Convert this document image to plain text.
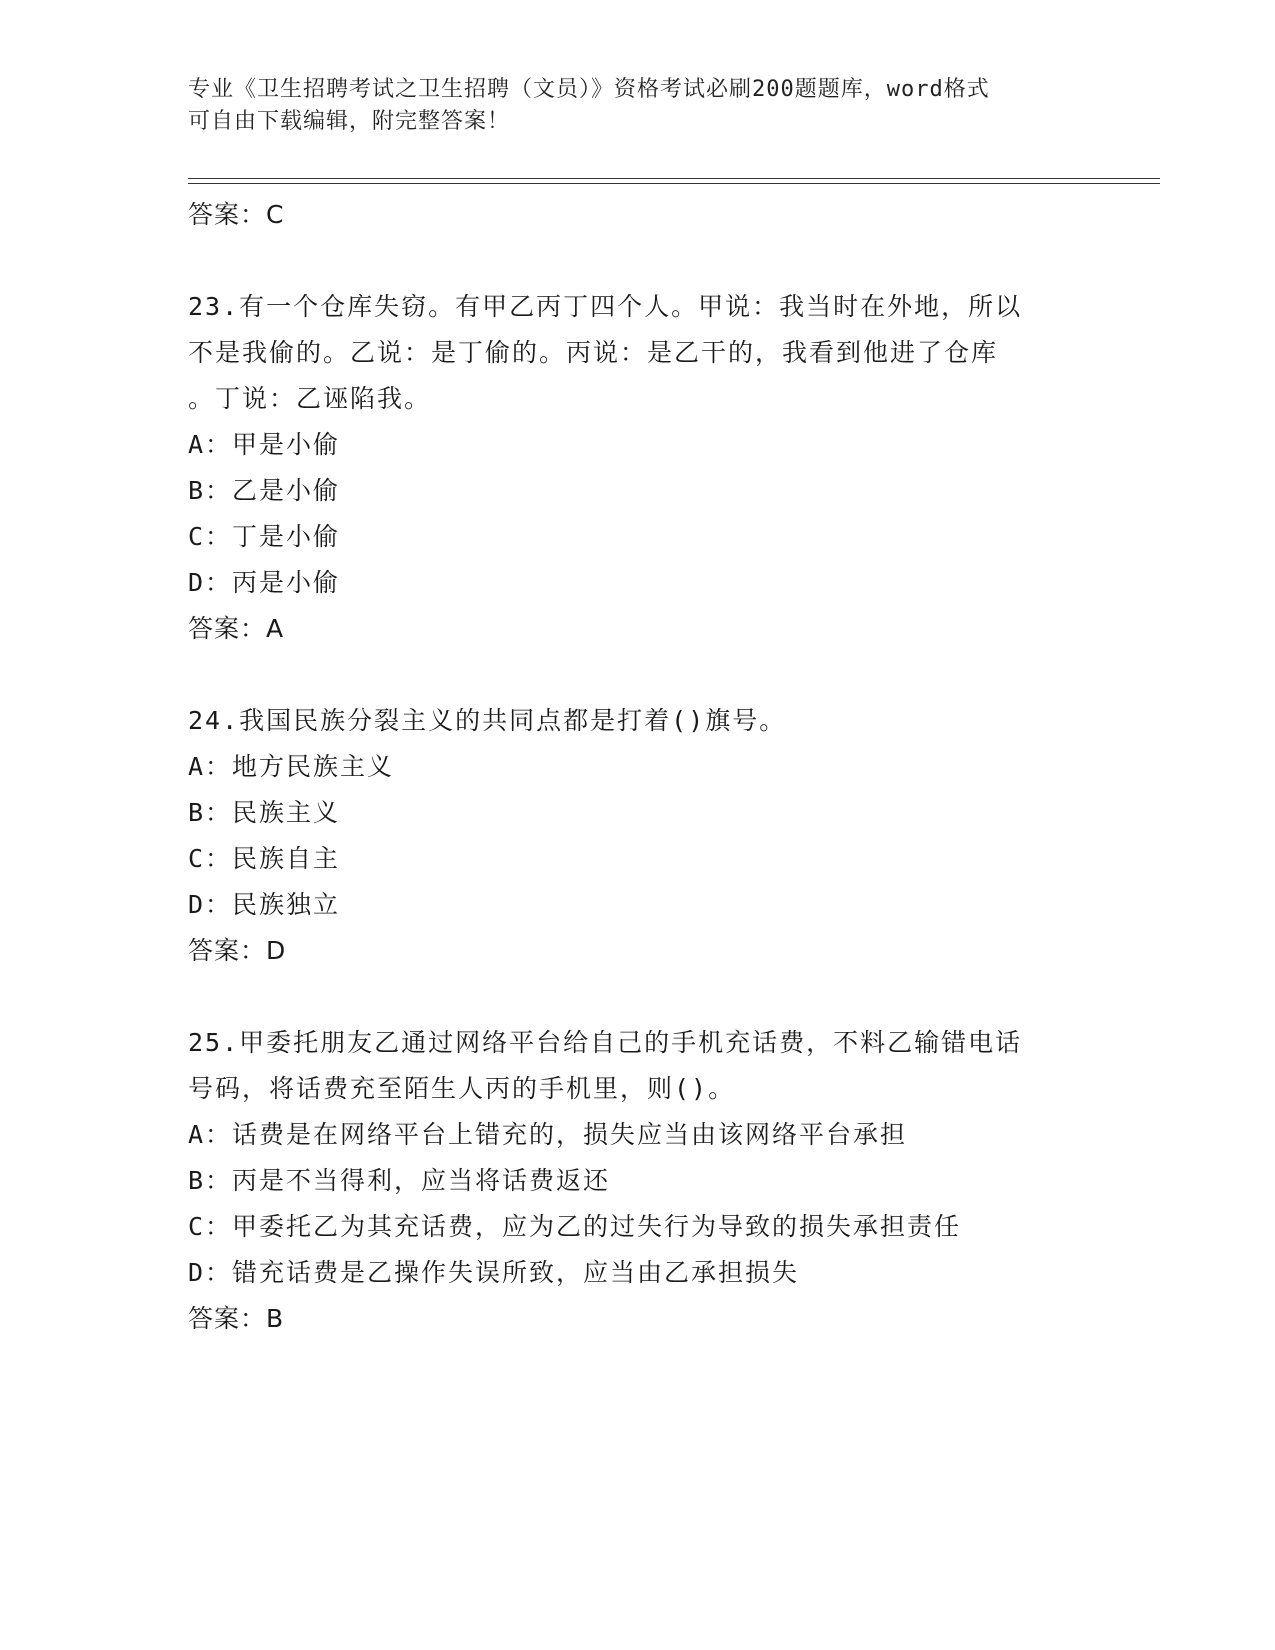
专业《卫生招聘考试之卫生招聘（文员）》资格考试必刷200题题库，word格式
可自由下载编辑，附完整答案！
答案：C
23.有一个仓库失窃。有甲乙丙丁四个人。甲说：我当时在外地，所以
不是我偷的。乙说：是丁偷的。丙说：是乙干的，我看到他进了仓库
。丁说：乙诬陷我。
A：甲是小偷
B：乙是小偷
C：丁是小偷
D：丙是小偷
答案：A
24.我国民族分裂主义的共同点都是打着()旗号。
A：地方民族主义
B：民族主义
C：民族自主
D：民族独立
答案：D
25.甲委托朋友乙通过网络平台给自己的手机充话费，不料乙输错电话
号码，将话费充至陌生人丙的手机里，则()。
A：话费是在网络平台上错充的，损失应当由该网络平台承担
B：丙是不当得利，应当将话费返还
C：甲委托乙为其充话费，应为乙的过失行为导致的损失承担责任
D：错充话费是乙操作失误所致，应当由乙承担损失
答案：B
